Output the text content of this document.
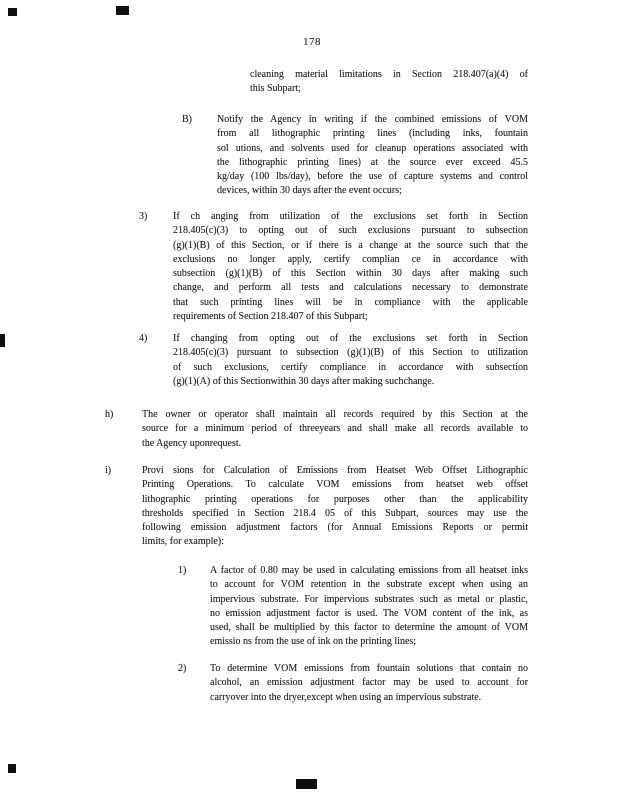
178
cleaning material limitations in Section 218.407(a)(4) of
this Subpart;
B)	Notify the Agency in writing if the combined emissions of VOM
from all lithographic printing lines (including inks, fountain
sol utions, and solvents used for cleanup operations associated with
the lithographic printing lines) at the source ever exceed 45.5
kg/day (100 lbs/day), before the use of capture systems and control
devices, within 30 days after the event occurs;
3)	If ch anging from utilization of the exclusions set forth in Section
218.405(c)(3) to opting out of such exclusions pursuant to subsection
(g)(1)(B) of this Section, or if there is a change at the source such that the
exclusions no longer apply, certify complian ce in accordance with
subsection (g)(1)(B) of this Section within 30 days after making such
change, and perform all tests and calculations necessary to demonstrate
that such printing lines will be in compliance with the applicable
requirements of Section 218.407 of this Subpart;
4)	If changing from opting out of the exclusions set forth in Section
218.405(c)(3) pursuant to subsection (g)(1)(B) of this Section to utilization
of such exclusions, certify compliance in accordance with subsection
(g)(1)(A) of this Sectionwithin 30 days after making suchchange.
h)	The owner or operator shall maintain all records required by this Section at the
source for a minimum period of threeyears and shall make all records available to
the Agency uponrequest.
i)	Provi sions for Calculation of Emissions from Heatset Web Offset Lithographic
Printing Operations. To calculate VOM emissions from heatset web offset
lithographic printing operations for purposes other than the applicability
thresholds specified in Section 218.4 05 of this Subpart, sources may use the
following emission adjustment factors (for Annual Emissions Reports or permit
limits, for example):
1) A factor of 0.80 may be used in calculating emissions from all heatset inks
to account for VOM retention in the substrate except when using an
impervious substrate. For impervious substrates such as metal or plastic,
no emission adjustment factor is used. The VOM content of the ink, as
used, shall be multiplied by this factor to determine the amount of VOM
emissio ns from the use of ink on the printing lines;
2) To determine VOM emissions from fountain solutions that contain no
alcohol, an emission adjustment factor may be used to account for
carryover into the dryer,except when using an impervious substrate.
